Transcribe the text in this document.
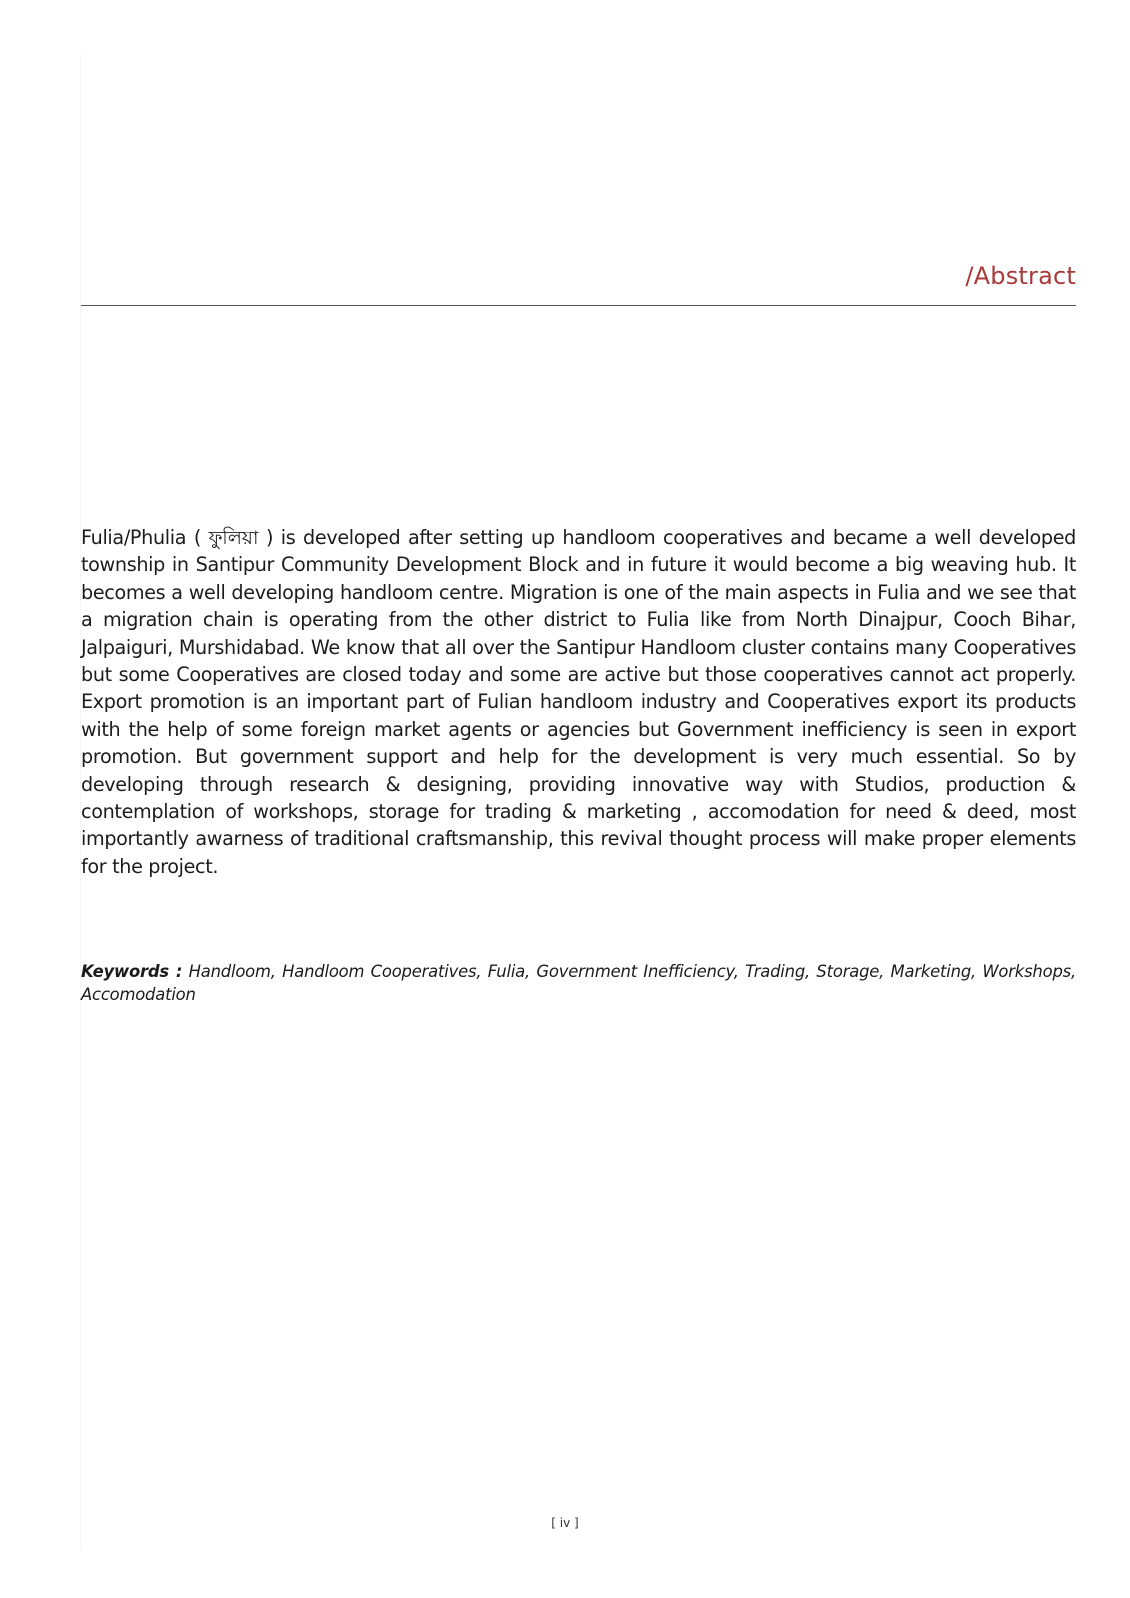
/Abstract

Fulia/Phulia ( ফুলিয়া ) is developed after setting up handloom cooperatives and became a well developed township in Santipur Community Development Block and in future it would become a big weaving hub. It becomes a well developing handloom centre. Migration is one of the main aspects in Fulia and we see that a migration chain is operating from the other district to Fulia like from North Dinajpur, Cooch Bihar, Jalpaiguri, Murshidabad. We know that all over the Santipur Handloom cluster contains many Cooperatives but some Cooperatives are closed today and some are active but those cooperatives cannot act properly. Export promotion is an important part of Fulian handloom industry and Cooperatives export its products with the help of some foreign market agents or agencies but Government inefficiency is seen in export promotion. But government support and help for the development is very much essential. So by developing through research & designing, providing innovative way with Studios, production & contemplation of workshops, storage for trading & marketing , accomodation for need & deed, most importantly awarness of traditional craftsmanship, this revival thought process will make proper elements for the project.

Keywords : Handloom, Handloom Cooperatives, Fulia, Government Inefficiency, Trading, Storage, Marketing, Workshops, Accomodation

[ iv ]
